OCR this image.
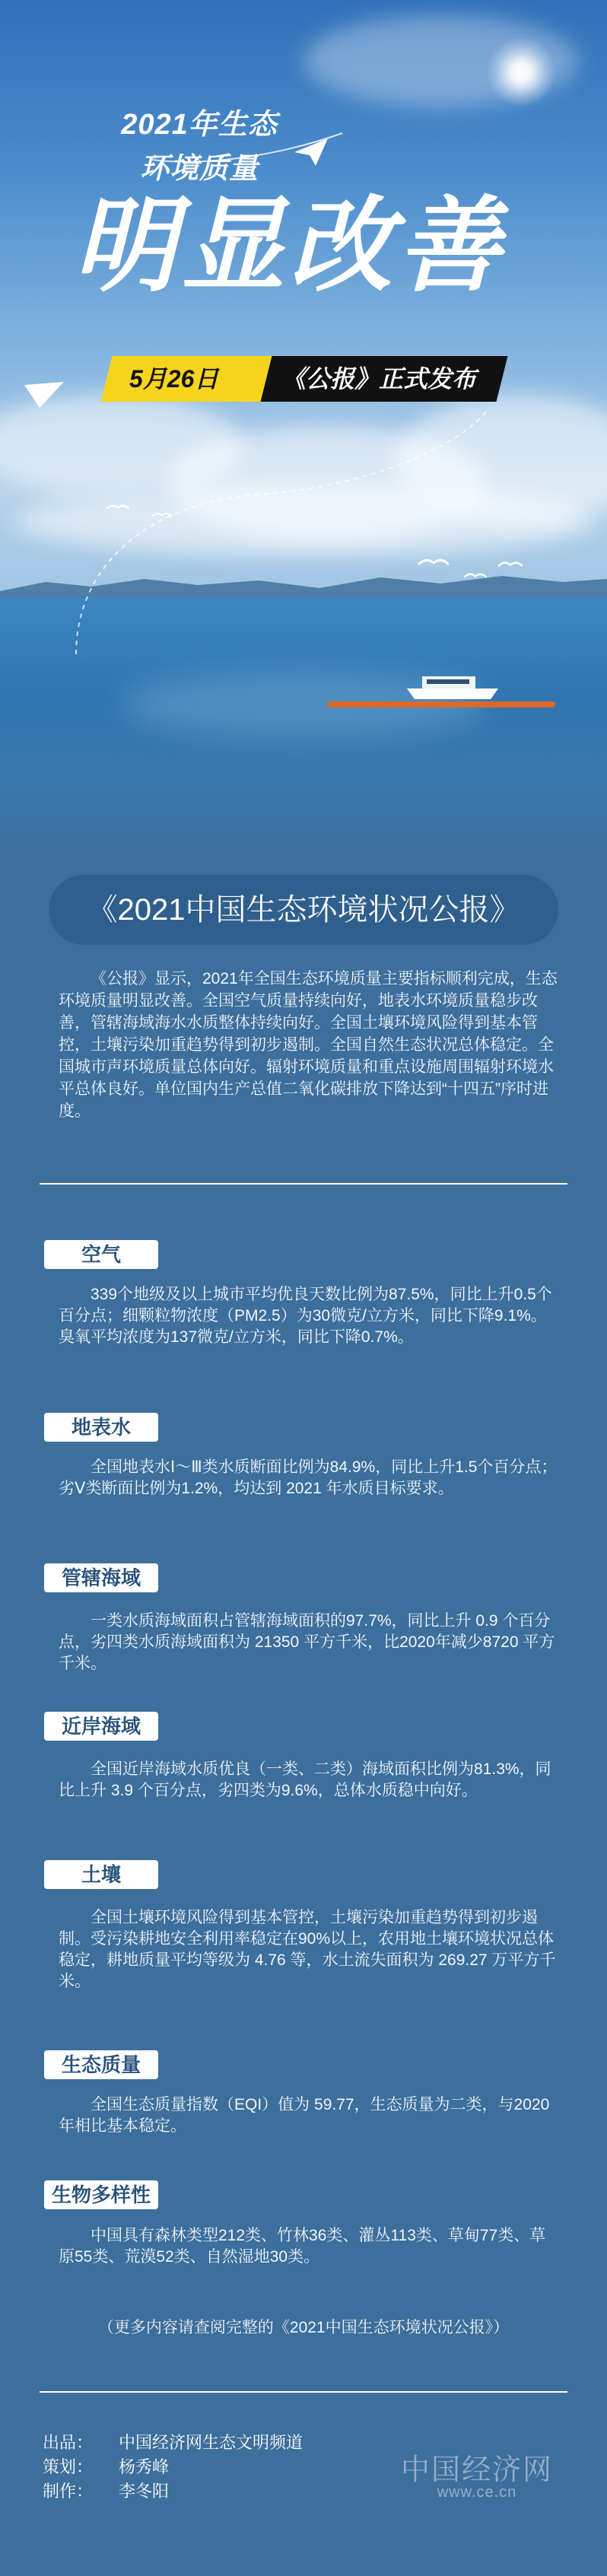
2021年生态
环境质量
明显改善
5月26日	《公报》正式发布
《2021中国生态环境状况公报》

《公报》显示，2021年全国生态环境质量主要指标顺利完成，生态环境质量明显改善。全国空气质量持续向好，地表水环境质量稳步改善，管辖海域海水水质整体持续向好。全国土壤环境风险得到基本管控，土壤污染加重趋势得到初步遏制。全国自然生态状况总体稳定。全国城市声环境质量总体向好。辐射环境质量和重点设施周围辐射环境水平总体良好。单位国内生产总值二氧化碳排放下降达到“十四五”序时进度。

空气

339个地级及以上城市平均优良天数比例为87.5%，同比上升0.5个百分点；细颗粒物浓度（PM2.5）为30微克/立方米，同比下降9.1%。臭氧平均浓度为137微克/立方米，同比下降0.7%。

地表水

全国地表水Ⅰ～Ⅲ类水质断面比例为84.9%，同比上升1.5个百分点；劣Ⅴ类断面比例为1.2%，均达到 2021 年水质目标要求。

管辖海域

一类水质海域面积占管辖海域面积的97.7%，同比上升 0.9 个百分点，劣四类水质海域面积为 21350 平方千米，比2020年减少8720 平方千米。

近岸海域

全国近岸海域水质优良（一类、二类）海域面积比例为81.3%，同比上升 3.9 个百分点，劣四类为9.6%，总体水质稳中向好。

土壤

全国土壤环境风险得到基本管控，土壤污染加重趋势得到初步遏制。受污染耕地安全利用率稳定在90%以上，农用地土壤环境状况总体稳定，耕地质量平均等级为 4.76 等，水土流失面积为 269.27 万平方千米。

生态质量

全国生态质量指数（EQI）值为 59.77，生态质量为二类，与2020 年相比基本稳定。

生物多样性

中国具有森林类型212类、竹林36类、灌丛113类、草甸77类、草原55类、荒漠52类、自然湿地30类。

（更多内容请查阅完整的《2021中国生态环境状况公报》）
出品：	中国经济网生态文明频道
策划：	杨秀峰
制作：	李冬阳
中国经济网
www.ce.cn
